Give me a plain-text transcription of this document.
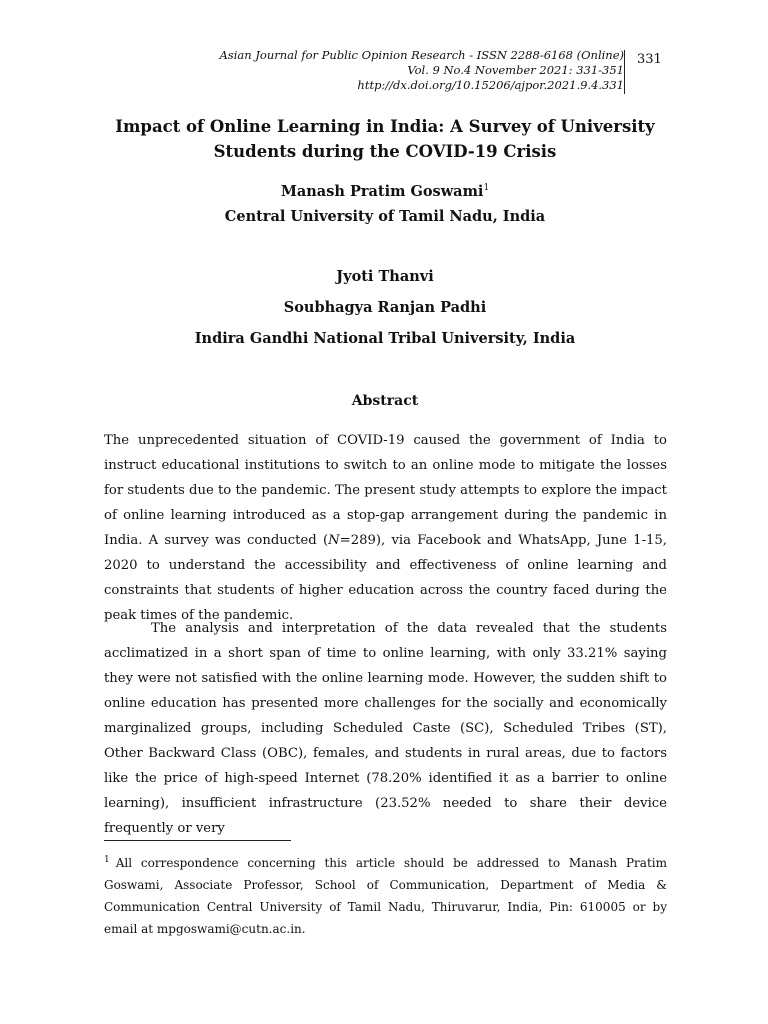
Asian Journal for Public Opinion Research - ISSN 2288-6168 (Online)
Vol. 9 No.4 November 2021: 331-351
http://dx.doi.org/10.15206/ajpor.2021.9.4.331
331
Impact of Online Learning in India: A Survey of University Students during the COVID-19 Crisis
Manash Pratim Goswami$^1$
Central University of Tamil Nadu, India
Jyoti Thanvi
Soubhagya Ranjan Padhi
Indira Gandhi National Tribal University, India
Abstract
The unprecedented situation of COVID-19 caused the government of India to instruct educational institutions to switch to an online mode to mitigate the losses for students due to the pandemic. The present study attempts to explore the impact of online learning introduced as a stop-gap arrangement during the pandemic in India. A survey was conducted (N=289), via Facebook and WhatsApp, June 1-15, 2020 to understand the accessibility and effectiveness of online learning and constraints that students of higher education across the country faced during the peak times of the pandemic.
The analysis and interpretation of the data revealed that the students acclimatized in a short span of time to online learning, with only 33.21% saying they were not satisfied with the online learning mode. However, the sudden shift to online education has presented more challenges for the socially and economically marginalized groups, including Scheduled Caste (SC), Scheduled Tribes (ST), Other Backward Class (OBC), females, and students in rural areas, due to factors like the price of high-speed Internet (78.20% identified it as a barrier to online learning), insufficient infrastructure (23.52% needed to share their device frequently or very
$^1$ All correspondence concerning this article should be addressed to Manash Pratim Goswami, Associate Professor, School of Communication, Department of Media & Communication Central University of Tamil Nadu, Thiruvarur, India, Pin: 610005 or by email at mpgoswami@cutn.ac.in.
